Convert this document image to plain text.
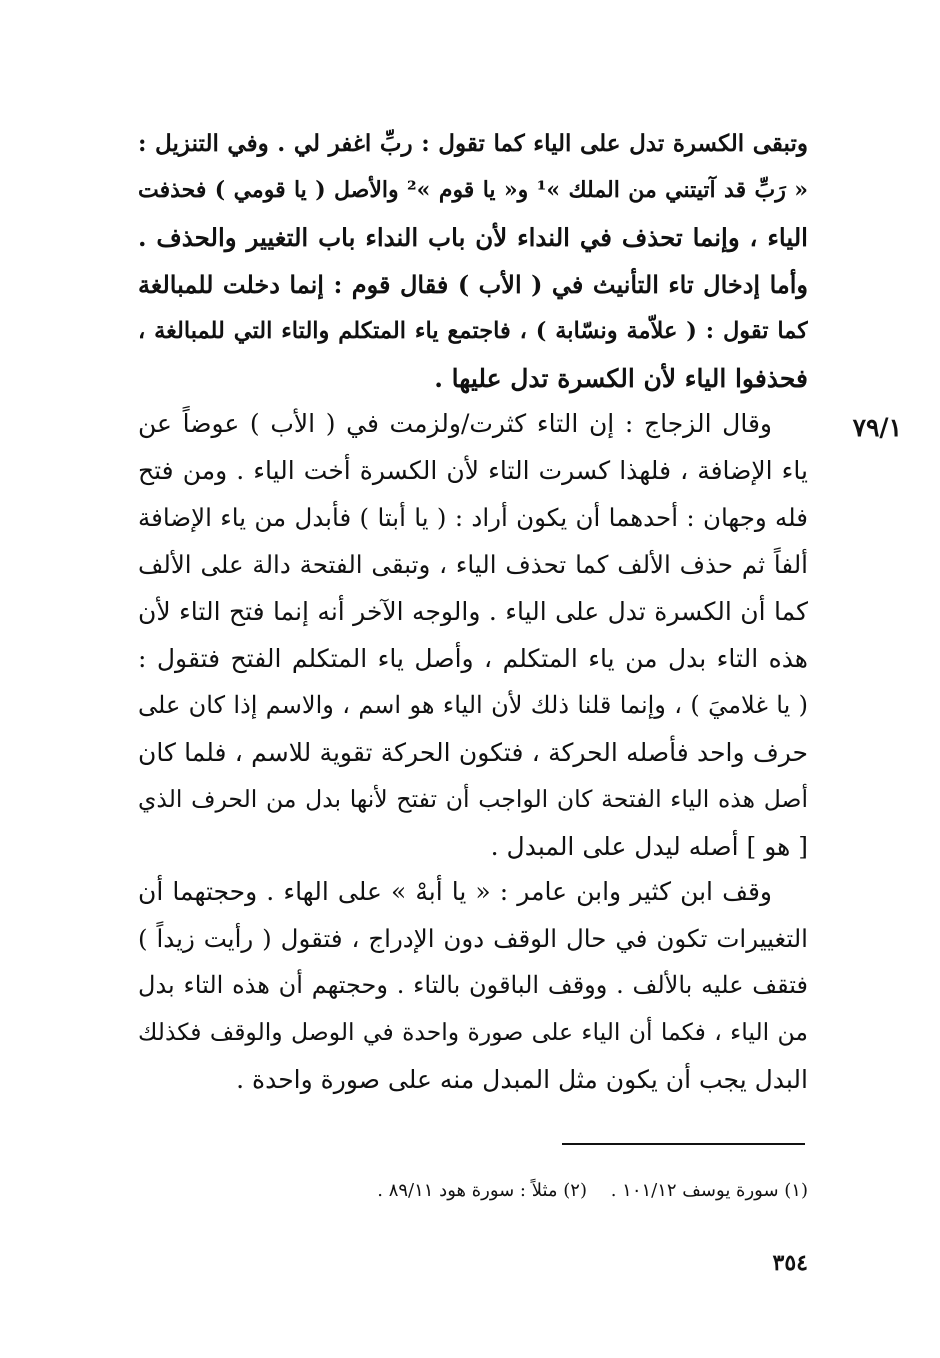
٧٩/١
وتبقى الكسرة تدل على الياء كما تقول : ربِّ اغفر لي . وفي التنزيل :
« رَبِّ قد آتيتني من الملك »¹ و« يا قوم »² والأصل ( يا قومي ) فحذفت
الياء ، وإنما تحذف في النداء لأن باب النداء باب التغيير والحذف .
وأما إدخال تاء التأنيث في ( الأب ) فقال قوم : إنما دخلت للمبالغة
كما تقول : ( علاّمة ونسّابة ) ، فاجتمع ياء المتكلم والتاء التي للمبالغة ،
فحذفوا الياء لأن الكسرة تدل عليها .
وقال الزجاج : إن التاء كثرت/ولزمت في ( الأب ) عوضاً عن
ياء الإضافة ، فلهذا كسرت التاء لأن الكسرة أخت الياء . ومن فتح
فله وجهان : أحدهما أن يكون أراد : ( يا أبتا ) فأبدل من ياء الإضافة
ألفاً ثم حذف الألف كما تحذف الياء ، وتبقى الفتحة دالة على الألف
كما أن الكسرة تدل على الياء . والوجه الآخر أنه إنما فتح التاء لأن
هذه التاء بدل من ياء المتكلم ، وأصل ياء المتكلم الفتح فتقول :
( يا غلاميَ ) ، وإنما قلنا ذلك لأن الياء هو اسم ، والاسم إذا كان على
حرف واحد فأصله الحركة ، فتكون الحركة تقوية للاسم ، فلما كان
أصل هذه الياء الفتحة كان الواجب أن تفتح لأنها بدل من الحرف الذي
[ هو ] أصله ليدل على المبدل .
وقف ابن كثير وابن عامر : « يا أبهْ » على الهاء . وحجتهما أن
التغييرات تكون في حال الوقف دون الإدراج ، فتقول ( رأيت زيداً )
فتقف عليه بالألف . ووقف الباقون بالتاء . وحجتهم أن هذه التاء بدل
من الياء ، فكما أن الياء على صورة واحدة في الوصل والوقف فكذلك
البدل يجب أن يكون مثل المبدل منه على صورة واحدة .
(١) سورة يوسف ١٠١/١٢ . (٢) مثلاً : سورة هود ٨٩/١١ .
٣٥٤
